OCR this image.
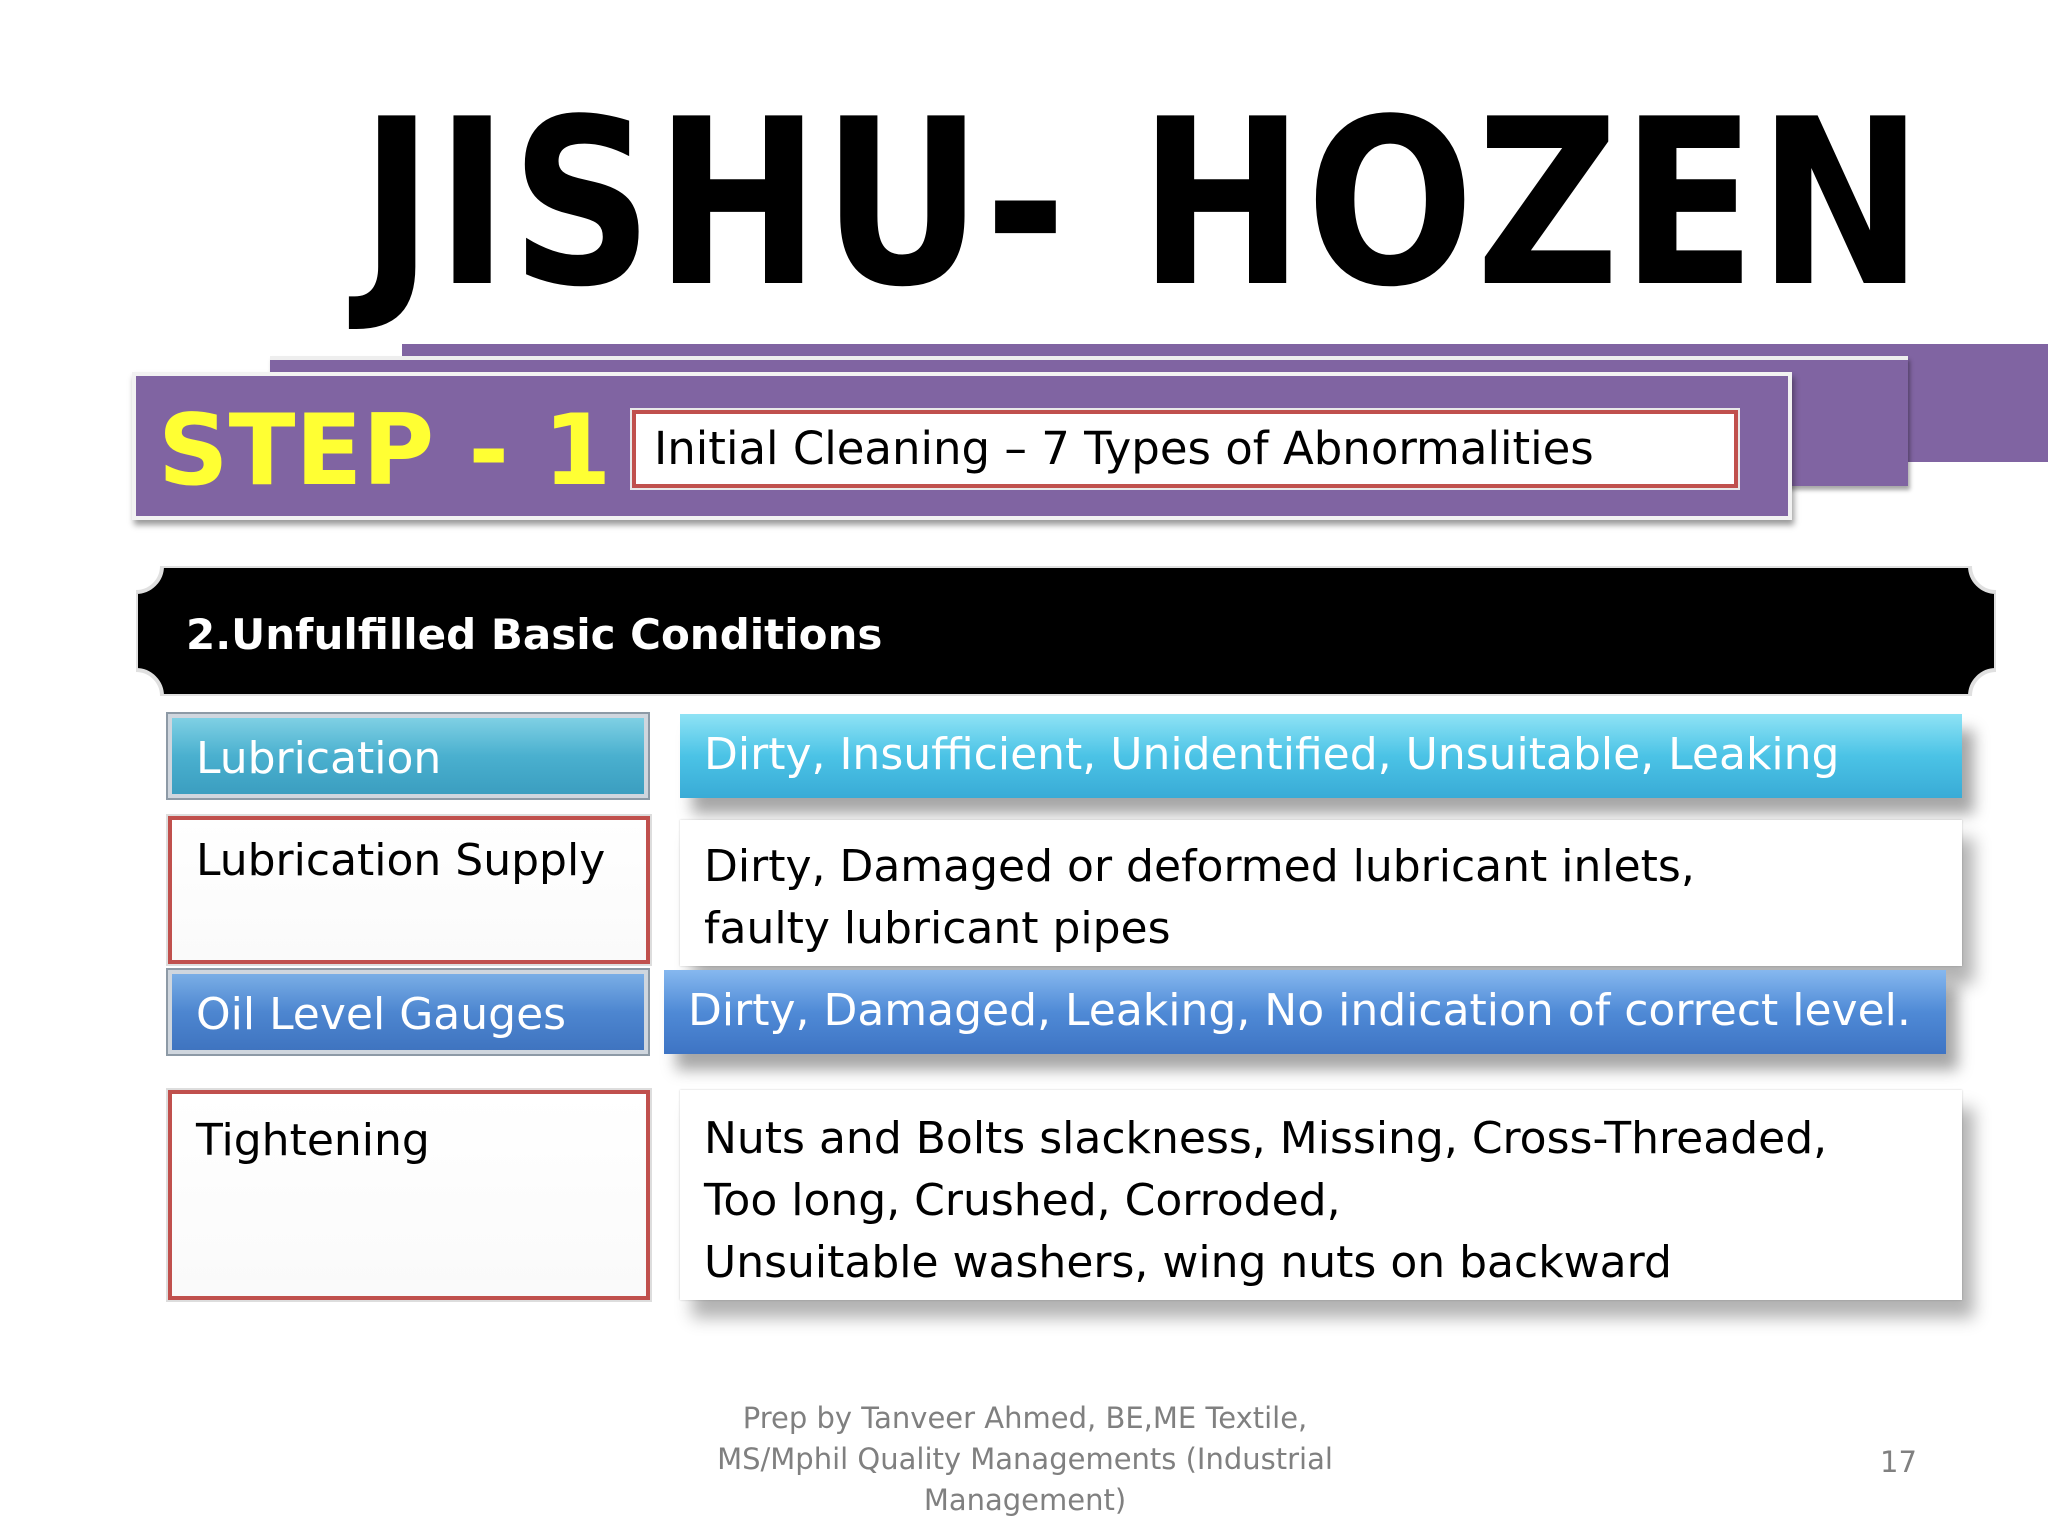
JISHU- HOZEN
STEP - 1 Initial Cleaning – 7 Types of Abnormalities
2.Unfulfilled Basic Conditions
Lubrication	Dirty, Insufficient, Unidentified, Unsuitable, Leaking
Lubrication Supply	Dirty, Damaged or deformed lubricant inlets, faulty lubricant pipes
Oil Level Gauges	Dirty, Damaged, Leaking, No indication of correct level.
Tightening	Nuts and Bolts slackness, Missing, Cross-Threaded,
Too long, Crushed, Corroded,
Unsuitable washers, wing nuts on backward
Prep by Tanveer Ahmed, BE,ME Textile,
MS/Mphil Quality Managements (Industrial
Management)
17
